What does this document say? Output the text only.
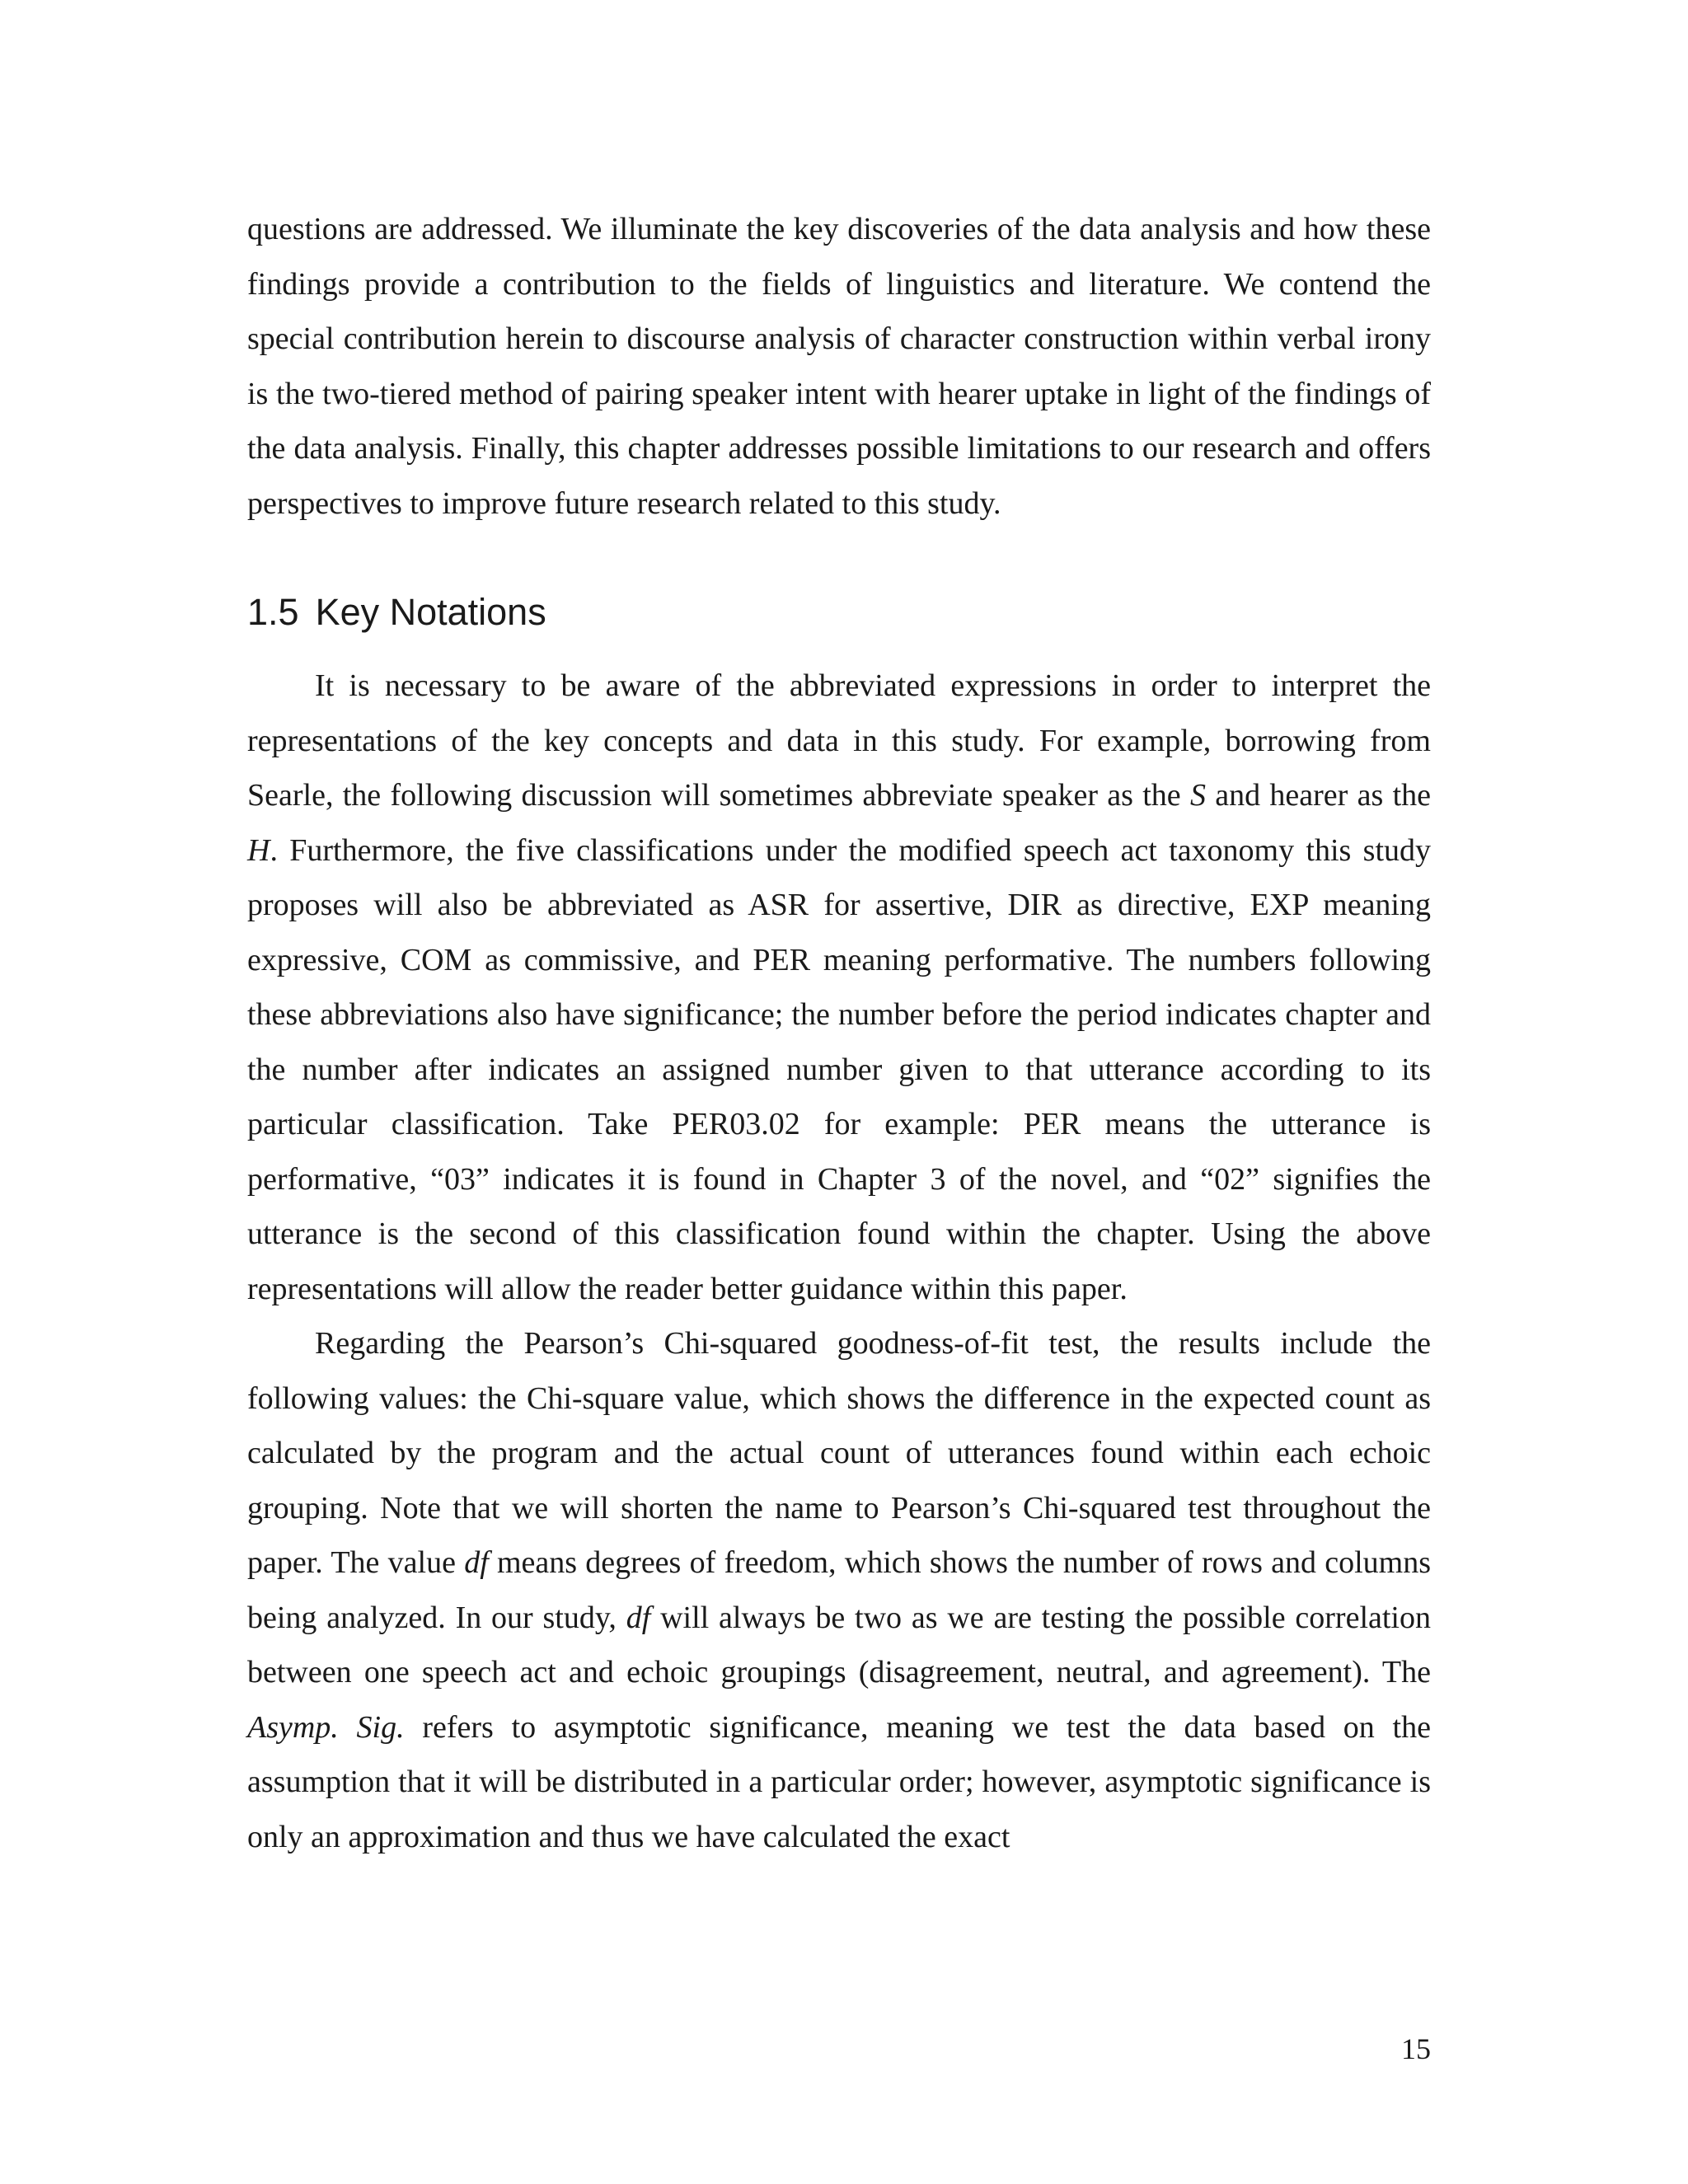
questions are addressed. We illuminate the key discoveries of the data analysis and how these findings provide a contribution to the fields of linguistics and literature. We contend the special contribution herein to discourse analysis of character construction within verbal irony is the two-tiered method of pairing speaker intent with hearer uptake in light of the findings of the data analysis. Finally, this chapter addresses possible limitations to our research and offers perspectives to improve future research related to this study.

1.5 Key Notations

It is necessary to be aware of the abbreviated expressions in order to interpret the representations of the key concepts and data in this study. For example, borrowing from Searle, the following discussion will sometimes abbreviate speaker as the S and hearer as the H. Furthermore, the five classifications under the modified speech act taxonomy this study proposes will also be abbreviated as ASR for assertive, DIR as directive, EXP meaning expressive, COM as commissive, and PER meaning performative. The numbers following these abbreviations also have significance; the number before the period indicates chapter and the number after indicates an assigned number given to that utterance according to its particular classification. Take PER03.02 for example: PER means the utterance is performative, “03” indicates it is found in Chapter 3 of the novel, and “02” signifies the utterance is the second of this classification found within the chapter. Using the above representations will allow the reader better guidance within this paper.

Regarding the Pearson’s Chi-squared goodness-of-fit test, the results include the following values: the Chi-square value, which shows the difference in the expected count as calculated by the program and the actual count of utterances found within each echoic grouping. Note that we will shorten the name to Pearson’s Chi-squared test throughout the paper. The value df means degrees of freedom, which shows the number of rows and columns being analyzed. In our study, df will always be two as we are testing the possible correlation between one speech act and echoic groupings (disagreement, neutral, and agreement). The Asymp. Sig. refers to asymptotic significance, meaning we test the data based on the assumption that it will be distributed in a particular order; however, asymptotic significance is only an approximation and thus we have calculated the exact

15
